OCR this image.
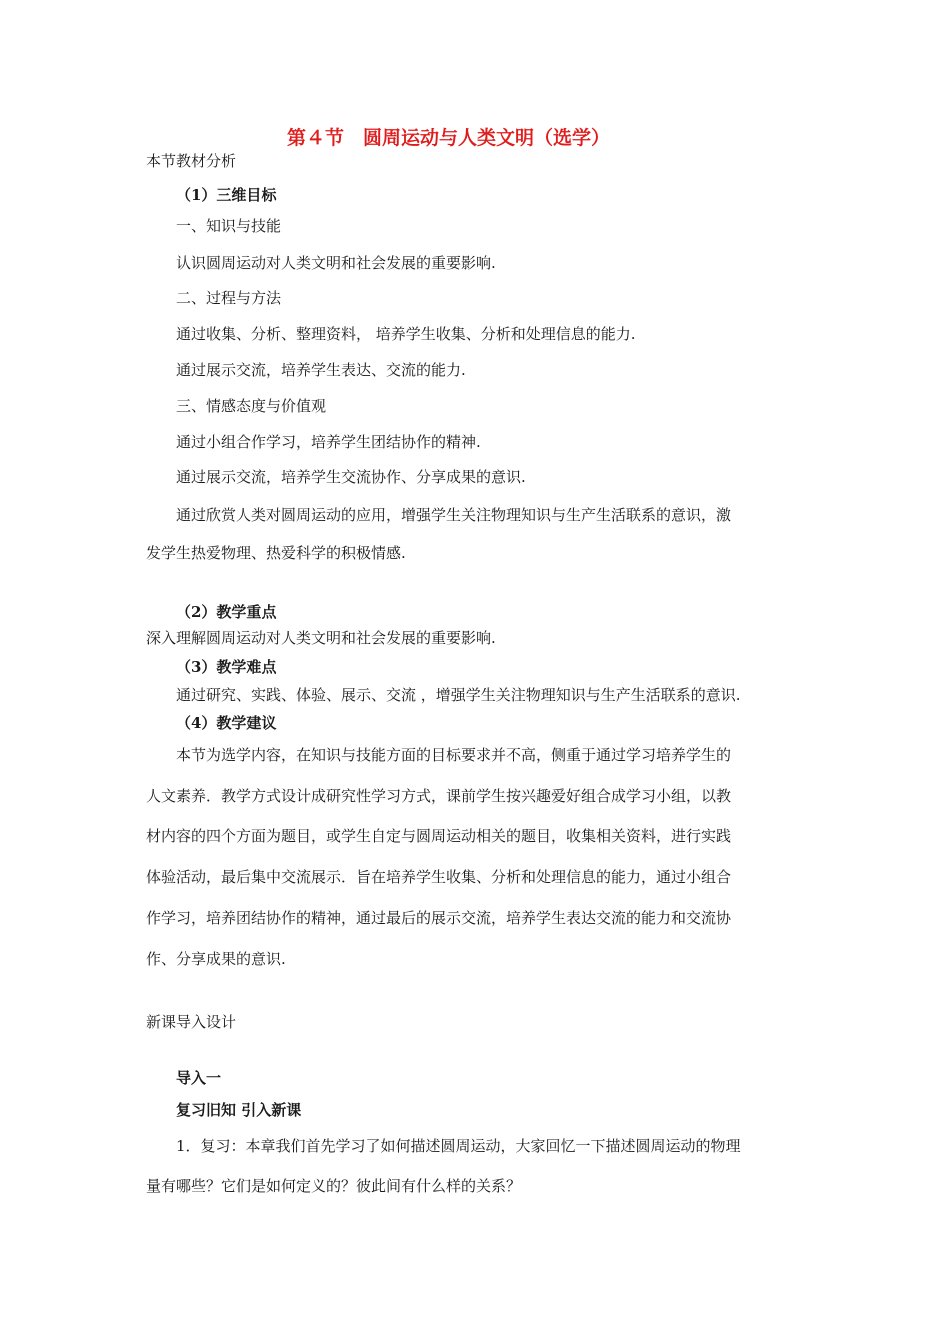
第４节　圆周运动与人类文明（选学）
本节教材分析
（1）三维目标
一、知识与技能
认识圆周运动对人类文明和社会发展的重要影响.
二、过程与方法
通过收集、分析、整理资料， 培养学生收集、分析和处理信息的能力.
通过展示交流，培养学生表达、交流的能力.
三、情感态度与价值观
通过小组合作学习，培养学生团结协作的精神.
通过展示交流，培养学生交流协作、分享成果的意识.
通过欣赏人类对圆周运动的应用，增强学生关注物理知识与生产生活联系的意识，激
发学生热爱物理、热爱科学的积极情感.
（2）教学重点
深入理解圆周运动对人类文明和社会发展的重要影响.
（3）教学难点
通过研究、实践、体验、展示、交流 ，增强学生关注物理知识与生产生活联系的意识.
（4）教学建议
本节为选学内容，在知识与技能方面的目标要求并不高，侧重于通过学习培养学生的
人文素养．教学方式设计成研究性学习方式，课前学生按兴趣爱好组合成学习小组，以教
材内容的四个方面为题目，或学生自定与圆周运动相关的题目，收集相关资料，进行实践
体验活动，最后集中交流展示．旨在培养学生收集、分析和处理信息的能力，通过小组合
作学习，培养团结协作的精神，通过最后的展示交流，培养学生表达交流的能力和交流协
作、分享成果的意识.
新课导入设计
导入一
复习旧知 引入新课
1．复习：本章我们首先学习了如何描述圆周运动，大家回忆一下描述圆周运动的物理
量有哪些？它们是如何定义的？彼此间有什么样的关系？
